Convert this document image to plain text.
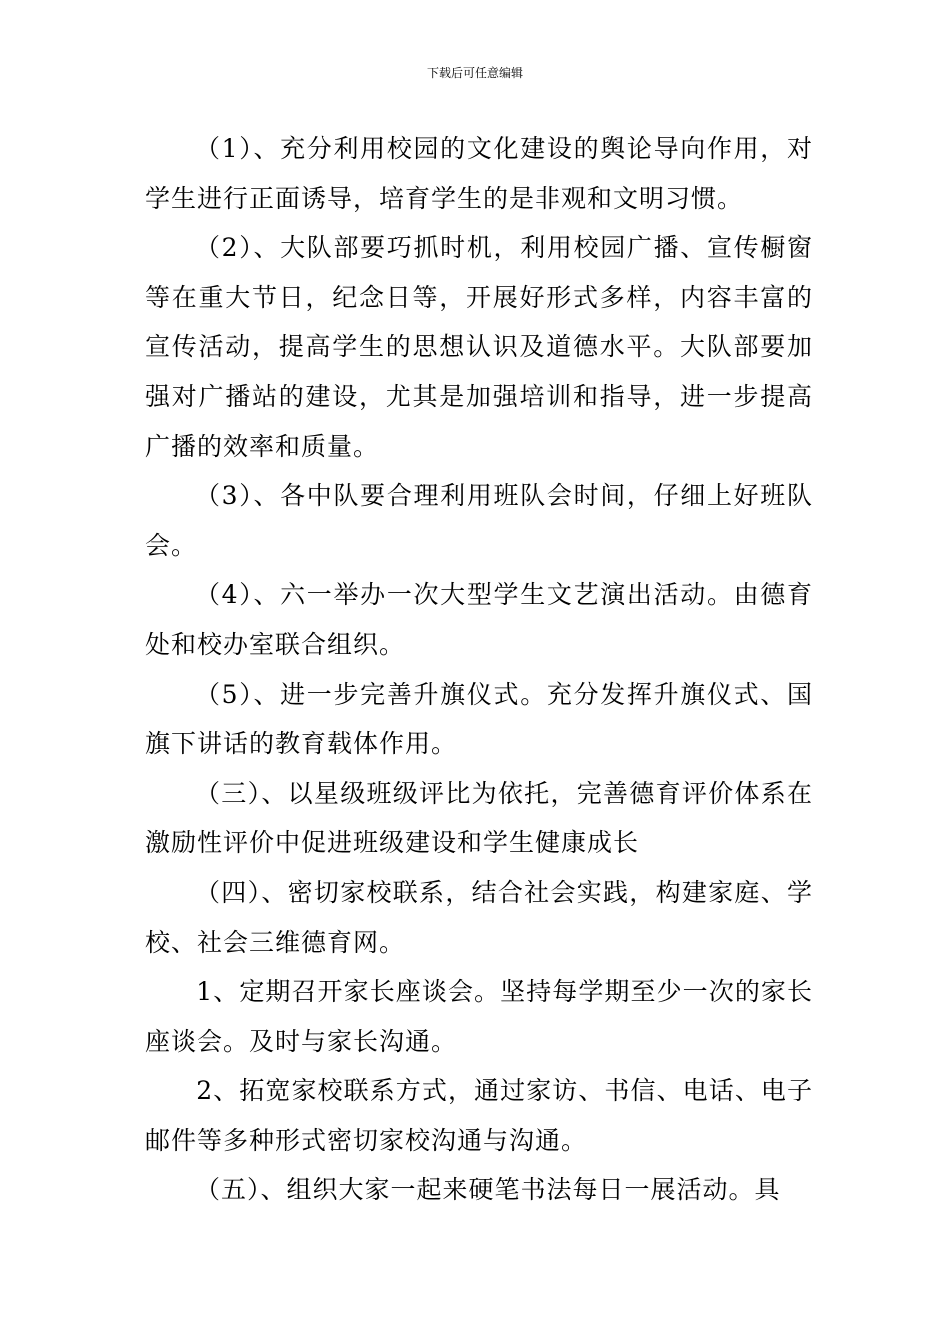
下载后可任意编辑

（1）、充分利用校园的文化建设的舆论导向作用，对学生进行正面诱导，培育学生的是非观和文明习惯。

（2）、大队部要巧抓时机，利用校园广播、宣传橱窗等在重大节日，纪念日等，开展好形式多样，内容丰富的宣传活动，提高学生的思想认识及道德水平。大队部要加强对广播站的建设，尤其是加强培训和指导，进一步提高广播的效率和质量。

（3）、各中队要合理利用班队会时间，仔细上好班队会。

（4）、六一举办一次大型学生文艺演出活动。由德育处和校办室联合组织。

（5）、进一步完善升旗仪式。充分发挥升旗仪式、国旗下讲话的教育载体作用。

（三）、以星级班级评比为依托，完善德育评价体系在激励性评价中促进班级建设和学生健康成长

（四）、密切家校联系，结合社会实践，构建家庭、学校、社会三维德育网。

1、定期召开家长座谈会。坚持每学期至少一次的家长座谈会。及时与家长沟通。

2、拓宽家校联系方式，通过家访、书信、电话、电子邮件等多种形式密切家校沟通与沟通。

（五）、组织大家一起来硬笔书法每日一展活动。具
